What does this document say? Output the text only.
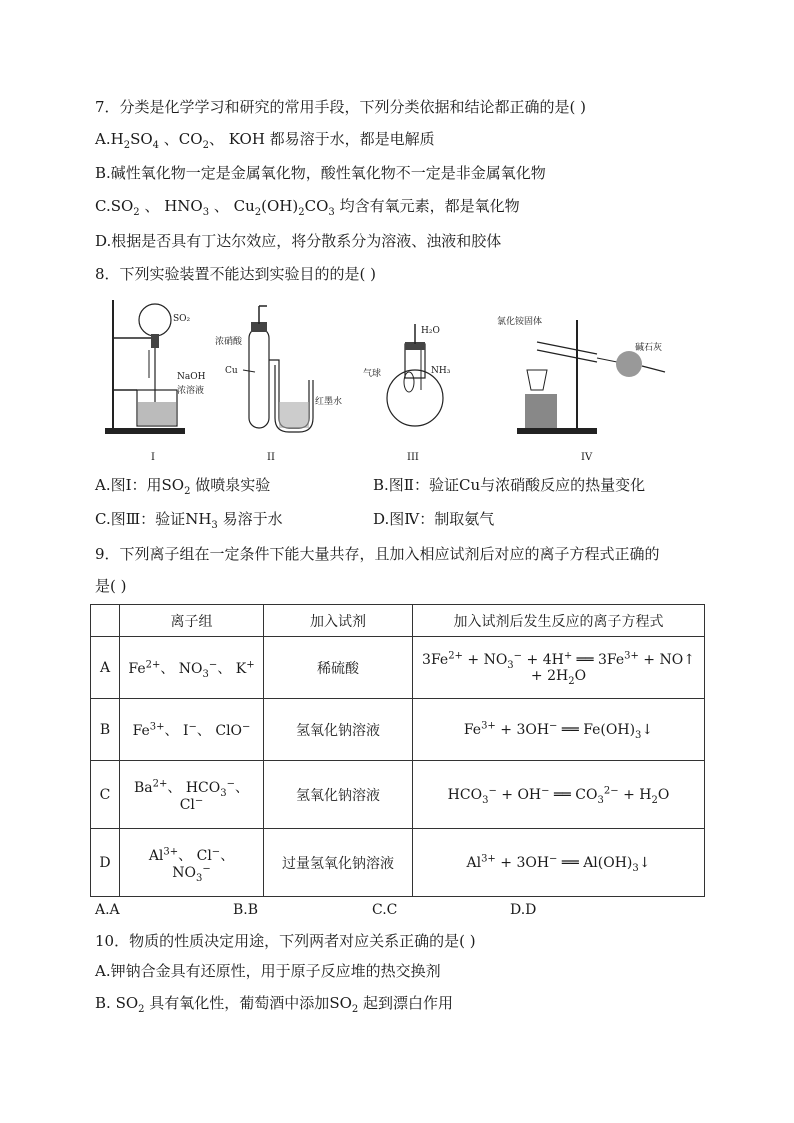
7．分类是化学学习和研究的常用手段，下列分类依据和结论都正确的是( )
$A.H_2SO_4$ 、$CO_2$、 KOH 都易溶于水，都是电解质
B.碱性氧化物一定是金属氧化物，酸性氧化物不一定是非金属氧化物
$C.SO_2$ 、 $HNO_3$ 、 $Cu_2(OH)_2CO_3$ 均含有氧元素，都是氧化物
D.根据是否具有丁达尔效应，将分散系分为溶液、浊液和胶体
8．下列实验装置不能达到实验目的的是( )
SO₂
NaOH
浓溶液
I
浓硝酸
Cu
红墨水
II
H₂O
气球	NH₃
III
氯化铵固体
碱石灰
IV
A.图Ⅰ：用$SO_2$ 做喷泉实验	B.图Ⅱ：验证Cu与浓硝酸反应的热量变化
C.图Ⅲ：验证$NH_3$ 易溶于水	D.图Ⅳ：制取氨气
9．下列离子组在一定条件下能大量共存，且加入相应试剂后对应的离子方程式正确的
是( )
	离子组	加入试剂	加入试剂后发生反应的离子方程式
A	$Fe^{2+}$、 $NO_3^-$、 K+	稀硫酸	$3Fe^{2+} + NO_3^- + 4H^+$ ══ $3Fe^{3+}$ + NO↑ + $2H_2O$
B	$Fe^{3+}$、 I−、 ClO−	氢氧化钠溶液	$Fe^{3+} + 3OH^-$ ══ $Fe(OH)_3↓$
C	$Ba^{2+}$、 $HCO_3^-$、
Cl−	氢氧化钠溶液	$HCO_3^- + OH^-$ ══ $CO_3^{2-} + H_2O$
D	$Al^{3+}$、 Cl−、
$NO_3^-$	过量氢氧化钠溶液	$Al^{3+} + 3OH^-$ ══ $Al(OH)_3↓$
A.A	B.B	C.C	D.D
10．物质的性质决定用途，下列两者对应关系正确的是( )
A.钾钠合金具有还原性，用于原子反应堆的热交换剂
B. $SO_2$ 具有氧化性，葡萄酒中添加$SO_2$ 起到漂白作用
